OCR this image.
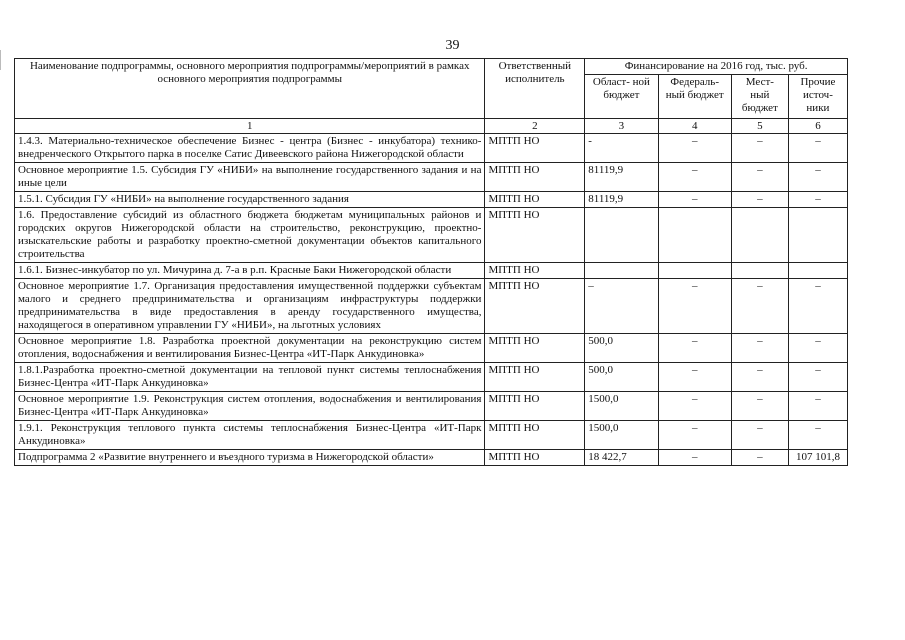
39
Наименование подпрограммы, основного мероприятия подпрограммы/мероприятий в рамках основного мероприятия подпрограммы	Ответственный исполнитель	Финансирование на 2016 год, тыс. руб.			
		Област- ной бюджет	Федераль- ный бюджет	Мест- ный бюджет	Прочие источ- ники
1	2	3	4	5	6
1.4.3. Материально-техническое обеспечение Бизнес - центра (Бизнес - инкубатора) технико-внедренческого Открытого парка в поселке Сатис Дивеевского района Нижегородской области	МПТП НО	-	–	–	–
Основное мероприятие 1.5. Субсидия ГУ «НИБИ» на выполнение государственного задания и на иные цели	МПТП НО	81119,9	–	–	–
1.5.1. Субсидия ГУ «НИБИ» на выполнение государственного задания	МПТП НО	81119,9	–	–	–
1.6. Предоставление субсидий из областного бюджета бюджетам муниципальных районов и городских округов Нижегородской области на строительство, реконструкцию, проектно-изыскательские работы и разработку проектно-сметной документации объектов капитального строительства	МПТП НО				
1.6.1. Бизнес-инкубатор по ул. Мичурина д. 7-а в р.п. Красные Баки Нижегородской области	МПТП НО				
Основное мероприятие 1.7. Организация предоставления имущественной поддержки субъектам малого и среднего предпринимательства и организациям инфраструктуры поддержки предпринимательства в виде предоставления в аренду государственного имущества, находящегося в оперативном управлении ГУ «НИБИ», на льготных условиях	МПТП НО	–	–	–	–
Основное мероприятие 1.8. Разработка проектной документации на реконструкцию систем отопления, водоснабжения и вентилирования Бизнес-Центра «ИТ-Парк Анкудиновка»	МПТП НО	500,0	–	–	–
1.8.1.Разработка проектно-сметной документации на тепловой пункт системы теплоснабжения Бизнес-Центра «ИТ-Парк Анкудиновка»	МПТП НО	500,0	–	–	–
Основное мероприятие 1.9. Реконструкция систем отопления, водоснабжения и вентилирования Бизнес-Центра «ИТ-Парк Анкудиновка»	МПТП НО	1500,0	–	–	–
1.9.1. Реконструкция теплового пункта системы теплоснабжения Бизнес-Центра «ИТ-Парк Анкудиновка»	МПТП НО	1500,0	–	–	–
Подпрограмма 2 «Развитие внутреннего и въездного туризма в Нижегородской области»	МПТП НО	18 422,7	–	–	107 101,8
